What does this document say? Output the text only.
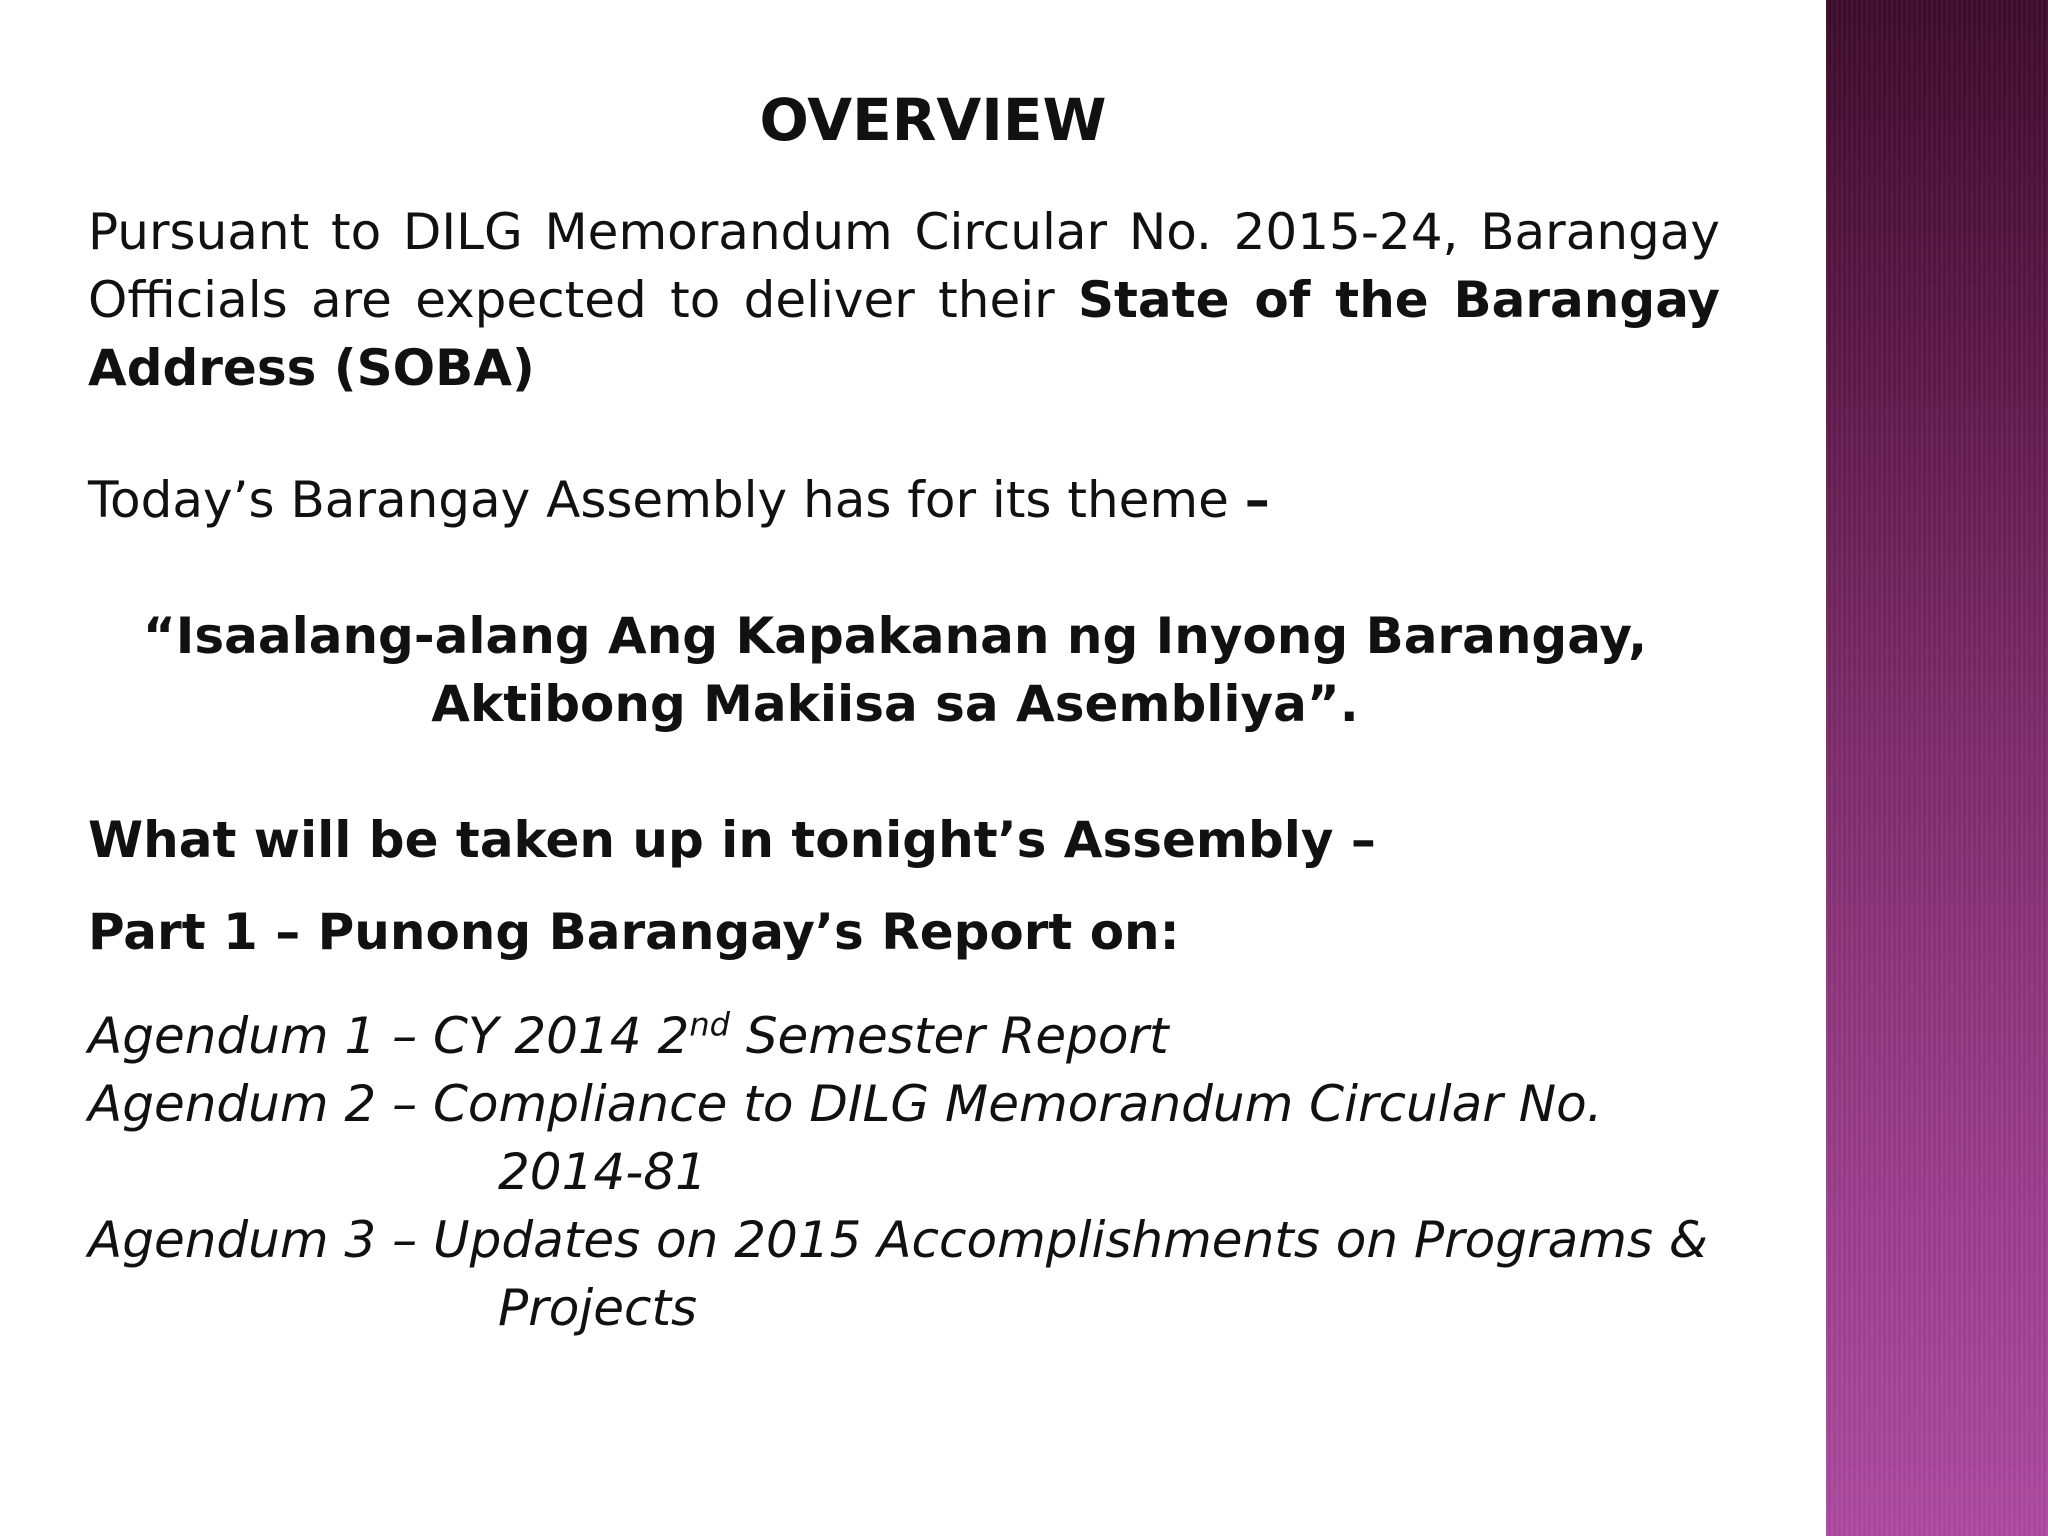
OVERVIEW

Pursuant to DILG Memorandum Circular No. 2015-24, Barangay Officials are expected to deliver their State of the Barangay Address (SOBA)

Today’s Barangay Assembly has for its theme –

“Isaalang-alang Ang Kapakanan ng Inyong Barangay,
Aktibong Makiisa sa Asembliya”.

What will be taken up in tonight’s Assembly –

Part 1 – Punong Barangay’s Report on:

Agendum 1 – CY 2014 2nd Semester Report
Agendum 2 – Compliance to DILG Memorandum Circular No.
2014-81
Agendum 3 – Updates on 2015 Accomplishments on Programs &
Projects
